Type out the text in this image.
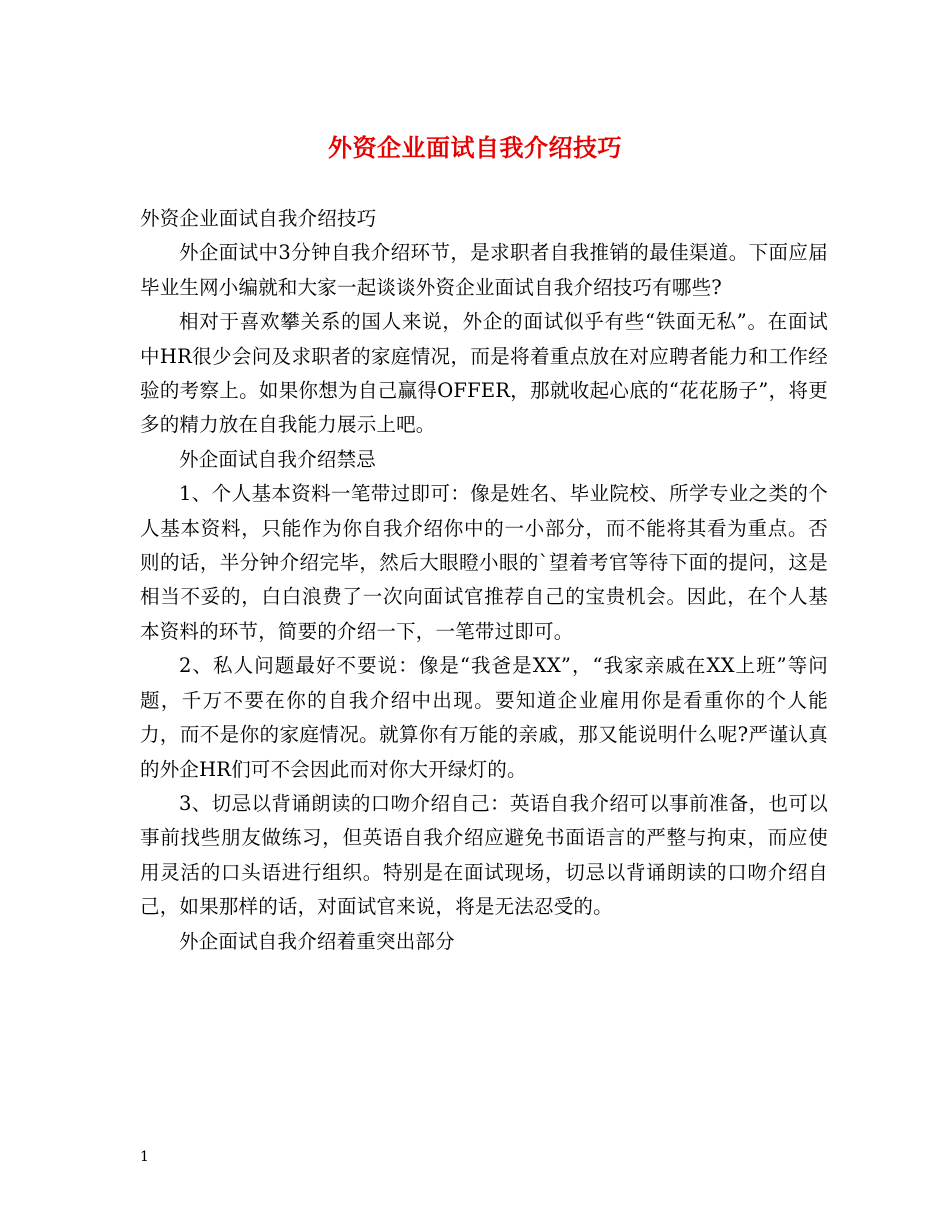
外资企业面试自我介绍技巧

外资企业面试自我介绍技巧

外企面试中3分钟自我介绍环节，是求职者自我推销的最佳渠道。下面应届毕业生网小编就和大家一起谈谈外资企业面试自我介绍技巧有哪些?

相对于喜欢攀关系的国人来说，外企的面试似乎有些“铁面无私”。在面试中HR很少会问及求职者的家庭情况，而是将着重点放在对应聘者能力和工作经验的考察上。如果你想为自己赢得OFFER，那就收起心底的“花花肠子”，将更多的精力放在自我能力展示上吧。

外企面试自我介绍禁忌

1、个人基本资料一笔带过即可：像是姓名、毕业院校、所学专业之类的个人基本资料，只能作为你自我介绍你中的一小部分，而不能将其看为重点。否则的话，半分钟介绍完毕，然后大眼瞪小眼的`望着考官等待下面的提问，这是相当不妥的，白白浪费了一次向面试官推荐自己的宝贵机会。因此，在个人基本资料的环节，简要的介绍一下，一笔带过即可。

2、私人问题最好不要说：像是“我爸是XX”，“我家亲戚在XX上班”等问题，千万不要在你的自我介绍中出现。要知道企业雇用你是看重你的个人能力，而不是你的家庭情况。就算你有万能的亲戚，那又能说明什么呢?严谨认真的外企HR们可不会因此而对你大开绿灯的。

3、切忌以背诵朗读的口吻介绍自己：英语自我介绍可以事前准备，也可以事前找些朋友做练习，但英语自我介绍应避免书面语言的严整与拘束，而应使用灵活的口头语进行组织。特别是在面试现场，切忌以背诵朗读的口吻介绍自己，如果那样的话，对面试官来说，将是无法忍受的。

外企面试自我介绍着重突出部分

1
